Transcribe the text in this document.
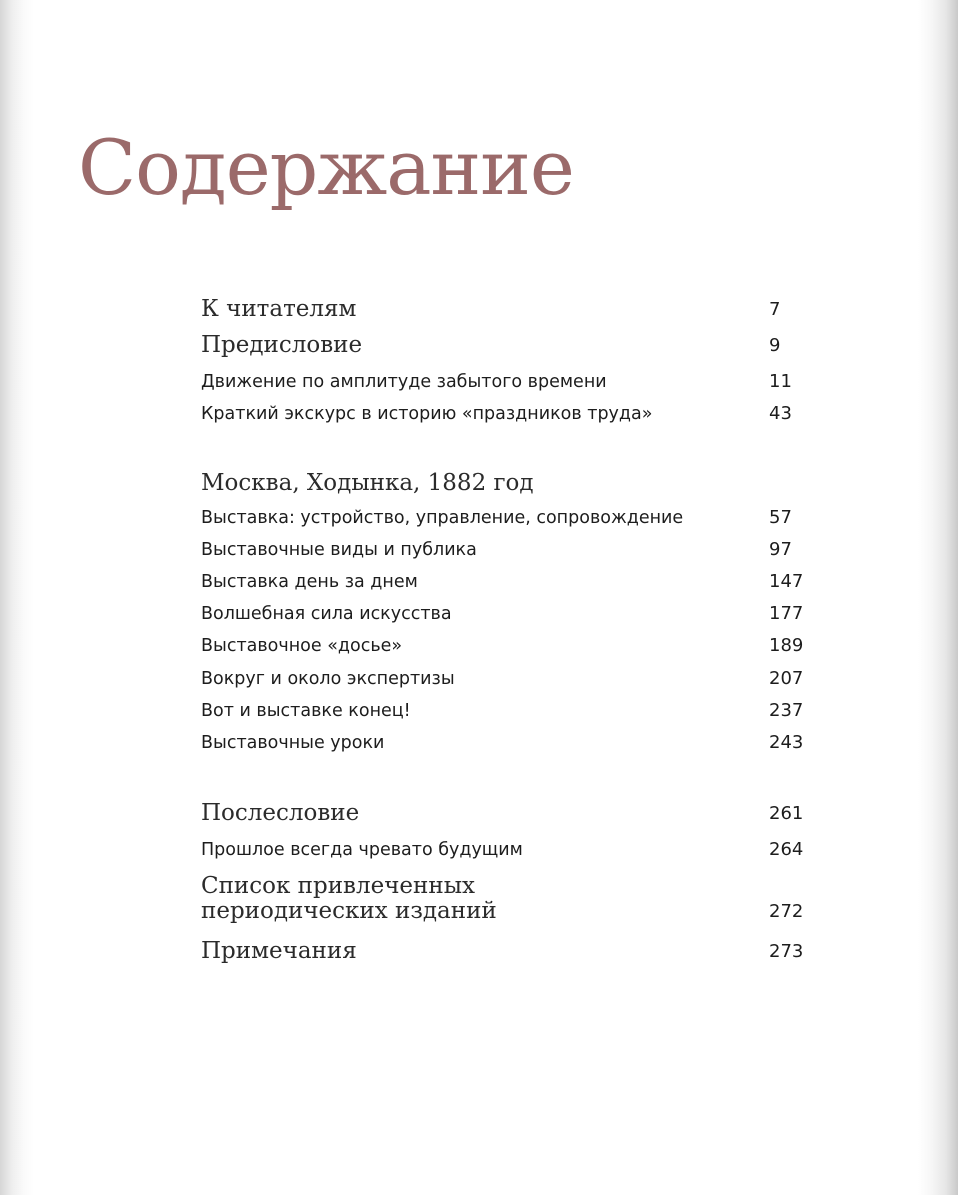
Содержание
К читателям	7
Предисловие	9
Движение по амплитуде забытого времени	11
Краткий экскурс в историю «праздников труда»	43
Москва, Ходынка, 1882 год
Выставка: устройство, управление, сопровождение	57
Выставочные виды и публика	97
Выставка день за днем	147
Волшебная сила искусства	177
Выставочное «досье»	189
Вокруг и около экспертизы	207
Вот и выставке конец!	237
Выставочные уроки	243
Послесловие	261
Прошлое всегда чревато будущим	264
Список привлеченных периодических изданий	272
Примечания	273
